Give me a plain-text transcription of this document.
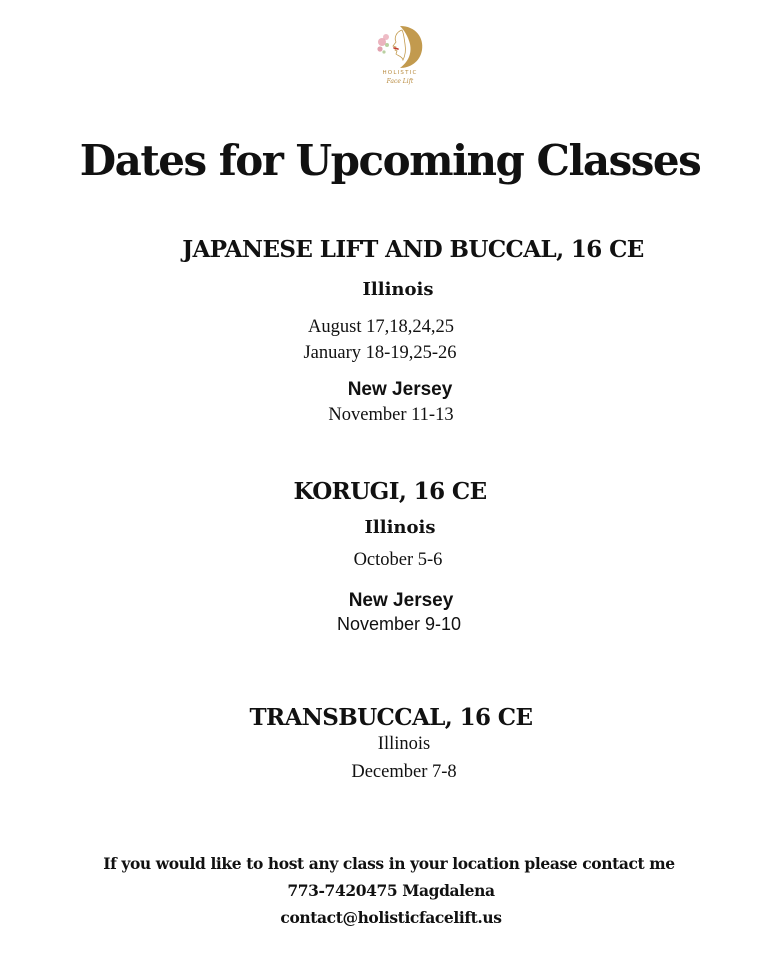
HOLISTIC
Face Lift
Dates for Upcoming Classes
JAPANESE LIFT AND BUCCAL, 16 CE
Illinois
August 17,18,24,25
January 18-19,25-26
New Jersey
November 11-13
KORUGI, 16 CE
Illinois
October 5-6
New Jersey
November 9-10
TRANSBUCCAL, 16 CE
Illinois
December 7-8
If you would like to host any class in your location please contact me
773-7420475 Magdalena
contact@holisticfacelift.us
